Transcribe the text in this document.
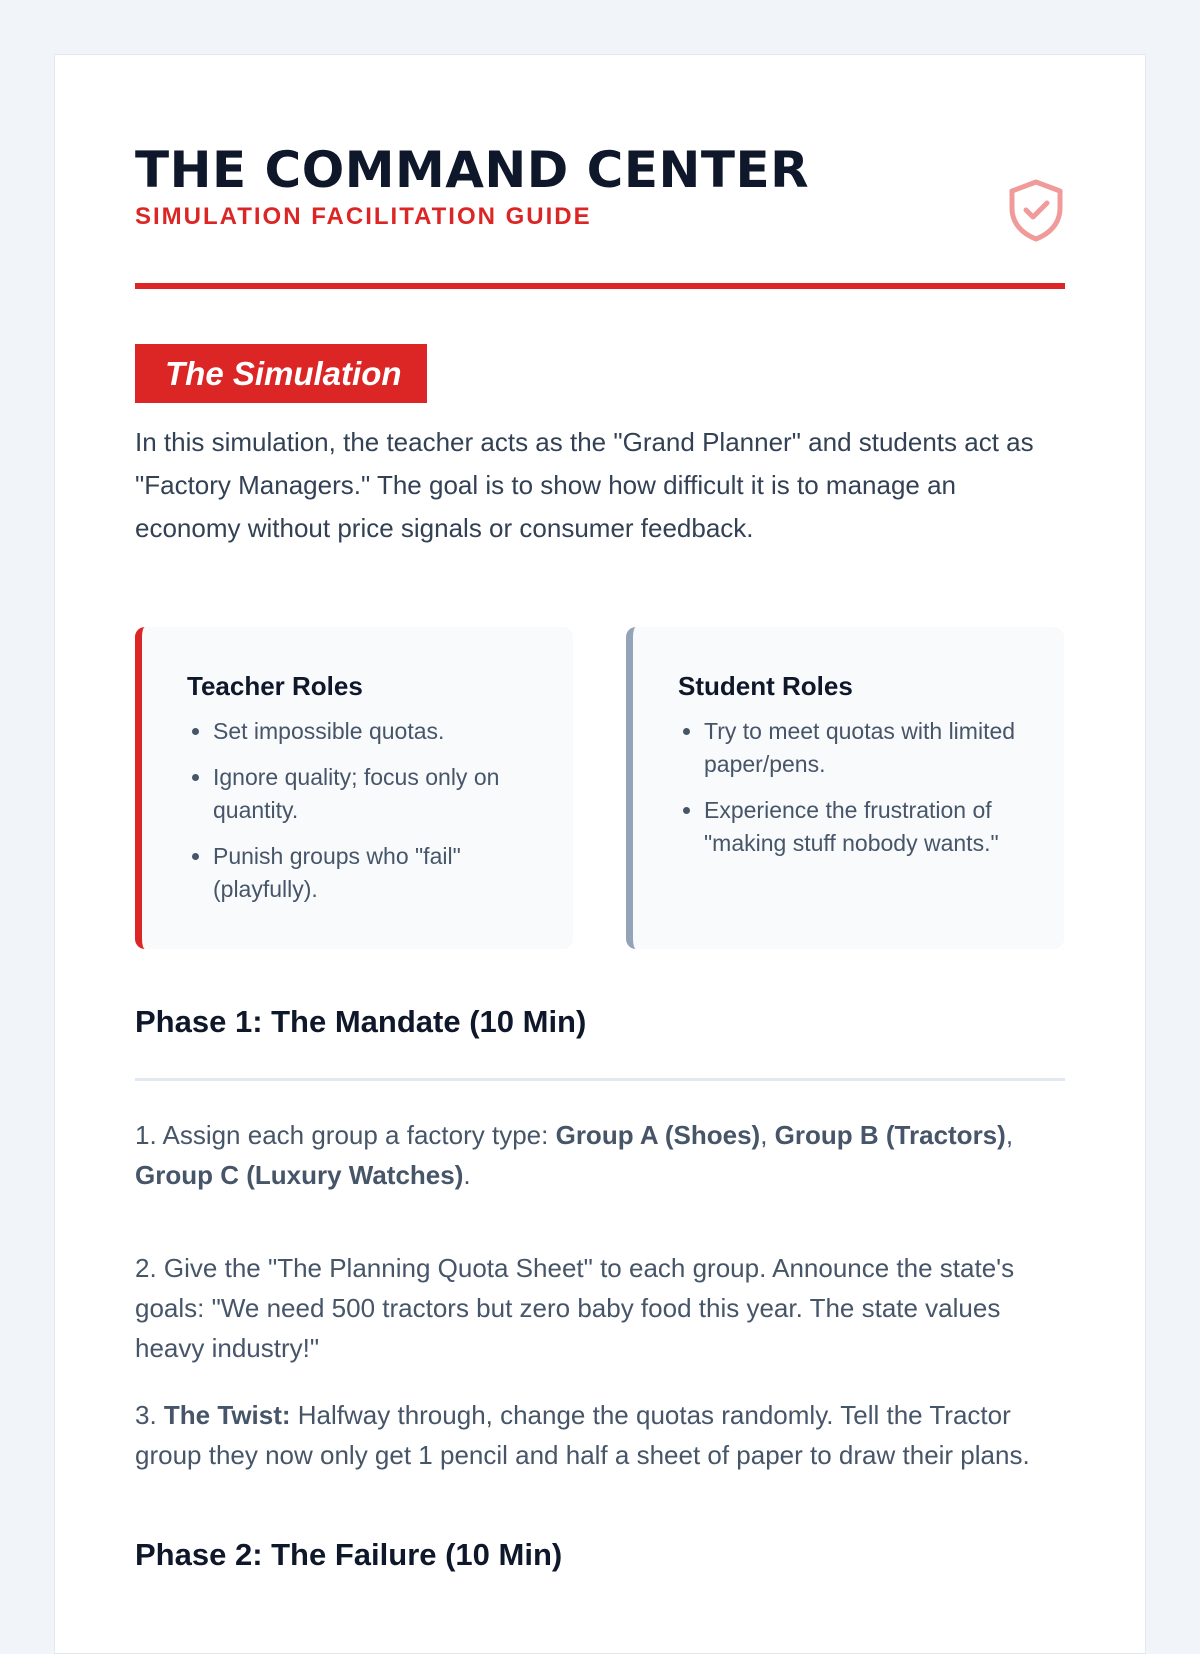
THE COMMAND CENTER
SIMULATION FACILITATION GUIDE
The Simulation

In this simulation, the teacher acts as the "Grand Planner" and students act as "Factory Managers." The goal is to show how difficult it is to manage an economy without price signals or consumer feedback.

Teacher Roles
• Set impossible quotas.
• Ignore quality; focus only on quantity.
• Punish groups who "fail" (playfully).
Student Roles
• Try to meet quotas with limited paper/pens.
• Experience the frustration of "making stuff nobody wants."
Phase 1: The Mandate (10 Min)

1. Assign each group a factory type: Group A (Shoes), Group B (Tractors), Group C (Luxury Watches).

2. Give the "The Planning Quota Sheet" to each group. Announce the state's goals: "We need 500 tractors but zero baby food this year. The state values heavy industry!"

3. The Twist: Halfway through, change the quotas randomly. Tell the Tractor group they now only get 1 pencil and half a sheet of paper to draw their plans.

Phase 2: The Failure (10 Min)
